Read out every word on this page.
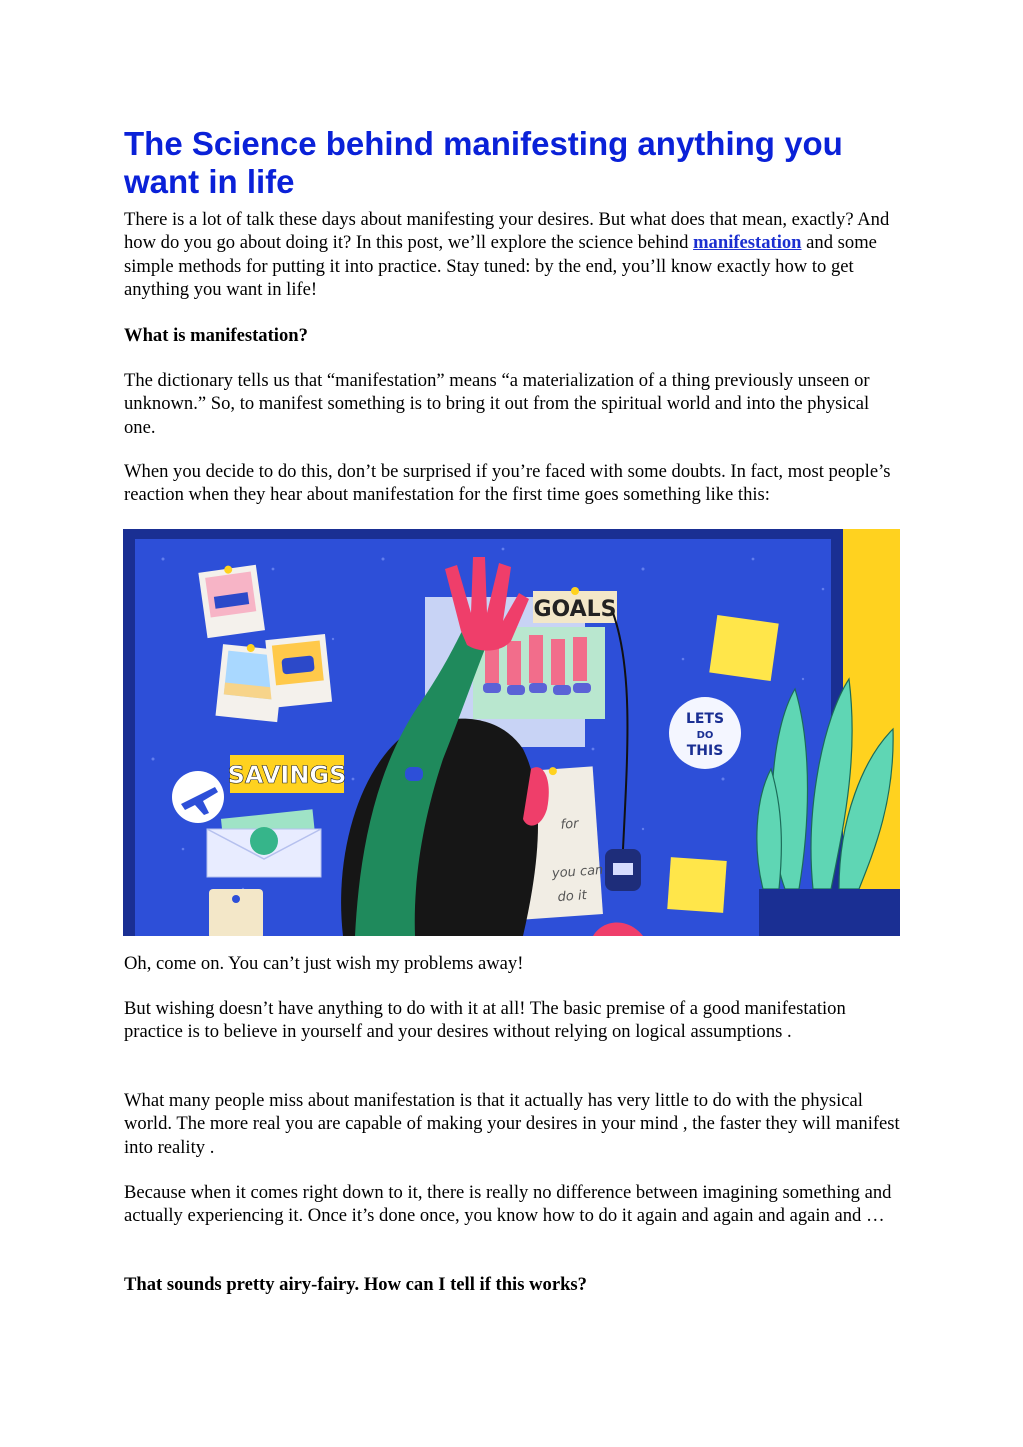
The Science behind manifesting anything you want in life

There is a lot of talk these days about manifesting your desires. But what does that mean, exactly? And how do you go about doing it? In this post, we’ll explore the science behind manifestation and some simple methods for putting it into practice. Stay tuned: by the end, you’ll know exactly how to get anything you want in life!

What is manifestation?

The dictionary tells us that “manifestation” means “a materialization of a thing previously unseen or unknown.” So, to manifest something is to bring it out from the spiritual world and into the physical one.

When you decide to do this, don’t be surprised if you’re faced with some doubts. In fact, most people’s reaction when they hear about manifestation for the first time goes something like this:

SAVINGS
GOALS
for
you can
do it
LETS
DO
THIS

Oh, come on. You can’t just wish my problems away!

But wishing doesn’t have anything to do with it at all! The basic premise of a good manifestation practice is to believe in yourself and your desires without relying on logical assumptions .

What many people miss about manifestation is that it actually has very little to do with the physical world. The more real you are capable of making your desires in your mind , the faster they will manifest into reality .

Because when it comes right down to it, there is really no difference between imagining something and actually experiencing it. Once it’s done once, you know how to do it again and again and again and …

That sounds pretty airy-fairy. How can I tell if this works?
